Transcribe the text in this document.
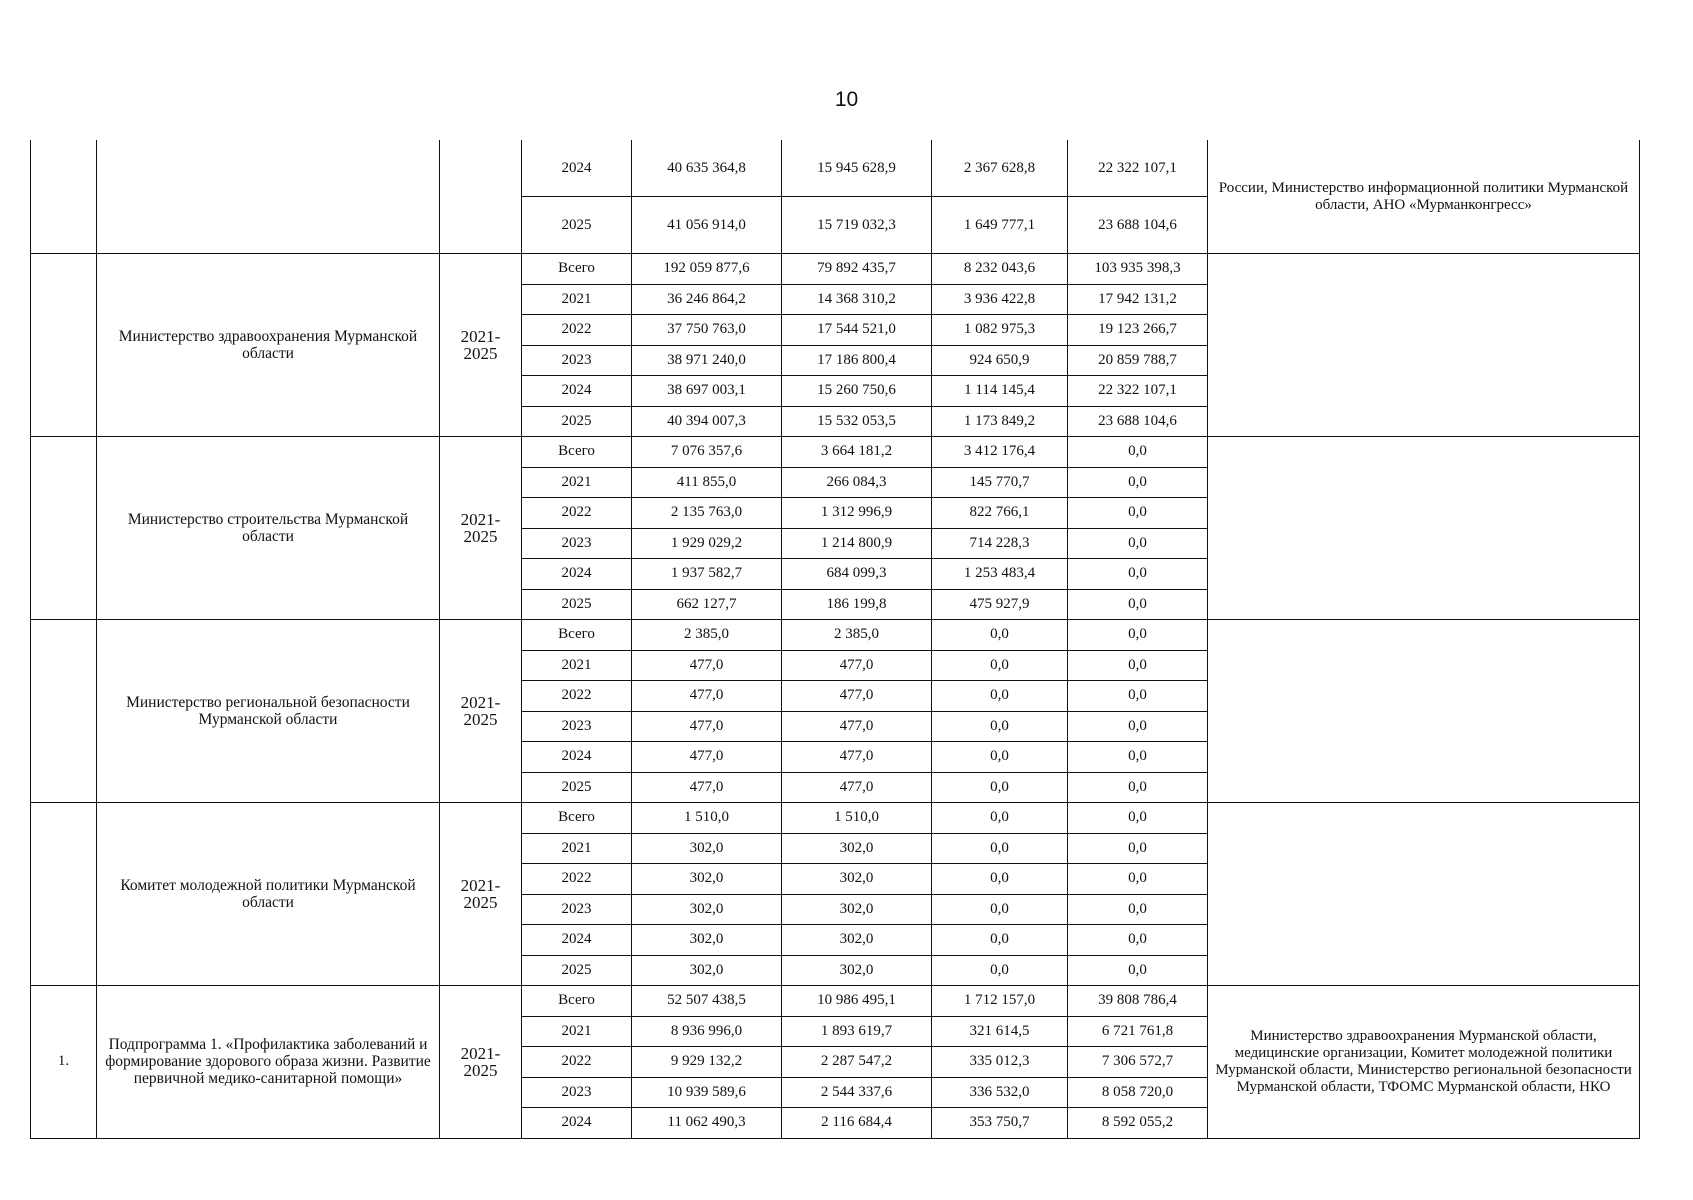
10
			2024	40 635 364,8	15 945 628,9	2 367 628,8	22 322 107,1	России, Министерство информационной политики Мурманской области, АНО «Мурманконгресс»
			2025	41 056 914,0	15 719 032,3	1 649 777,1	23 688 104,6	
	Министерство здравоохранения Мурманской области	2021-2025	Всего	192 059 877,6	79 892 435,7	8 232 043,6	103 935 398,3	
			2021	36 246 864,2	14 368 310,2	3 936 422,8	17 942 131,2	
			2022	37 750 763,0	17 544 521,0	1 082 975,3	19 123 266,7	
			2023	38 971 240,0	17 186 800,4	924 650,9	20 859 788,7	
			2024	38 697 003,1	15 260 750,6	1 114 145,4	22 322 107,1	
			2025	40 394 007,3	15 532 053,5	1 173 849,2	23 688 104,6	
	Министерство строительства Мурманской области	2021-2025	Всего	7 076 357,6	3 664 181,2	3 412 176,4	0,0	
			2021	411 855,0	266 084,3	145 770,7	0,0	
			2022	2 135 763,0	1 312 996,9	822 766,1	0,0	
			2023	1 929 029,2	1 214 800,9	714 228,3	0,0	
			2024	1 937 582,7	684 099,3	1 253 483,4	0,0	
			2025	662 127,7	186 199,8	475 927,9	0,0	
	Министерство региональной безопасности Мурманской области	2021-2025	Всего	2 385,0	2 385,0	0,0	0,0	
			2021	477,0	477,0	0,0	0,0	
			2022	477,0	477,0	0,0	0,0	
			2023	477,0	477,0	0,0	0,0	
			2024	477,0	477,0	0,0	0,0	
			2025	477,0	477,0	0,0	0,0	
	Комитет молодежной политики Мурманской области	2021-2025	Всего	1 510,0	1 510,0	0,0	0,0	
			2021	302,0	302,0	0,0	0,0	
			2022	302,0	302,0	0,0	0,0	
			2023	302,0	302,0	0,0	0,0	
			2024	302,0	302,0	0,0	0,0	
			2025	302,0	302,0	0,0	0,0	
1.	Подпрограмма 1. «Профилактика заболеваний и формирование здорового образа жизни. Развитие первичной медико-санитарной помощи»	2021-2025	Всего	52 507 438,5	10 986 495,1	1 712 157,0	39 808 786,4	Министерство здравоохранения Мурманской области, медицинские организации, Комитет молодежной политики Мурманской области, Министерство региональной безопасности Мурманской области, ТФОМС Мурманской области, НКО
			2021	8 936 996,0	1 893 619,7	321 614,5	6 721 761,8	
			2022	9 929 132,2	2 287 547,2	335 012,3	7 306 572,7	
			2023	10 939 589,6	2 544 337,6	336 532,0	8 058 720,0	
			2024	11 062 490,3	2 116 684,4	353 750,7	8 592 055,2	
